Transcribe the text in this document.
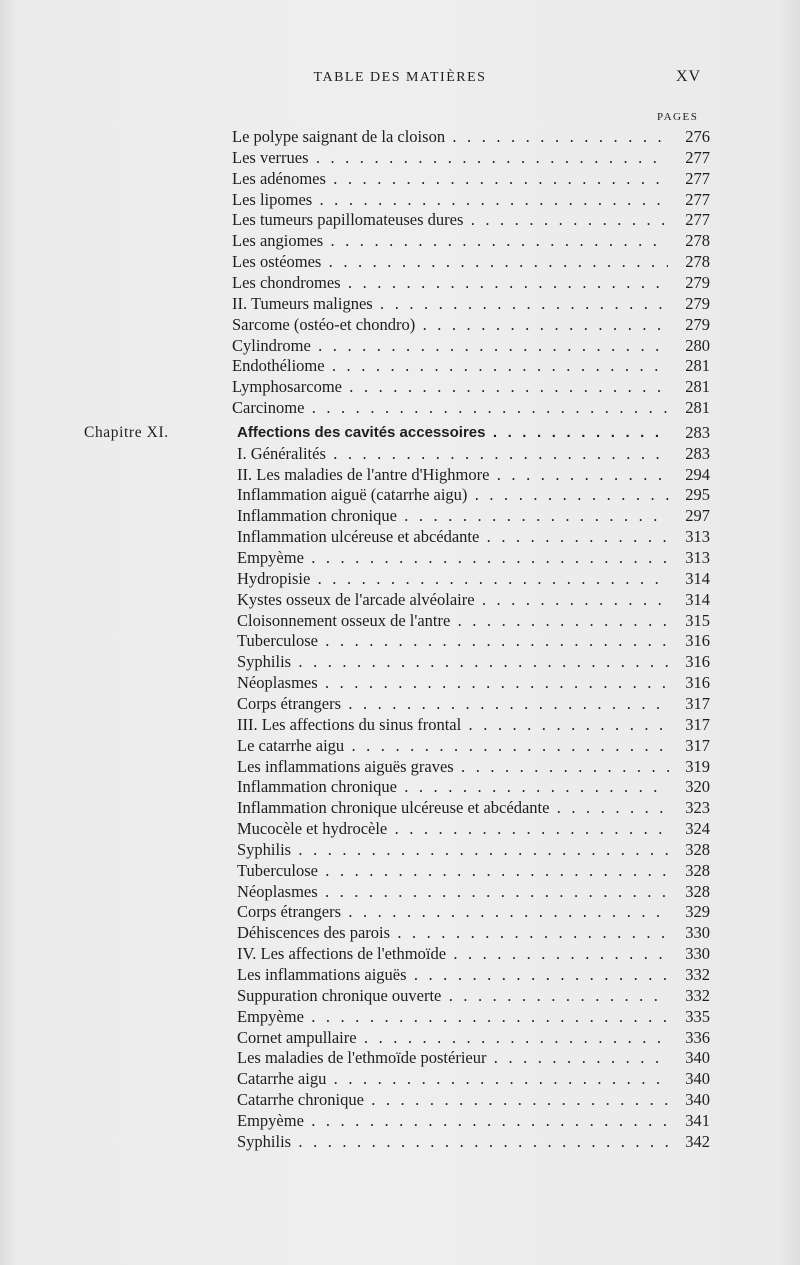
TABLE DES MATIÈRES	XV
PAGES
Le polype saignant de la cloison . . .	276
Les verrues . . .	277
Les adénomes . . .	277
Les lipomes . . .	277
Les tumeurs papillomateuses dures . . .	277
Les angiomes . . .	278
Les ostéomes . . .	278
Les chondromes . . .	279
II. Tumeurs malignes . . .	279
Sarcome (ostéo-et chondro) . . .	279
Cylindrome . . .	280
Endothéliome . . .	281
Lymphosarcome . . .	281
Carcinome . . .	281
Chapitre XI.	Affections des cavités accessoires . . .	283
I. Généralités . . .	283
II. Les maladies de l'antre d'Highmore . . .	294
Inflammation aiguë (catarrhe aigu) . . .	295
Inflammation chronique . . .	297
Inflammation ulcéreuse et abcédante . . .	313
Empyème . . .	313
Hydropisie . . .	314
Kystes osseux de l'arcade alvéolaire . . .	314
Cloisonnement osseux de l'antre . . .	315
Tuberculose . . .	316
Syphilis . . .	316
Néoplasmes . . .	316
Corps étrangers . . .	317
III. Les affections du sinus frontal . . .	317
Le catarrhe aigu . . .	317
Les inflammations aiguës graves . . .	319
Inflammation chronique . . .	320
Inflammation chronique ulcéreuse et abcédante . . .	323
Mucocèle et hydrocèle . . .	324
Syphilis . . .	328
Tuberculose . . .	328
Néoplasmes . . .	328
Corps étrangers . . .	329
Déhiscences des parois . . .	330
IV. Les affections de l'ethmoïde . . .	330
Les inflammations aiguës . . .	332
Suppuration chronique ouverte . . .	332
Empyème . . .	335
Cornet ampullaire . . .	336
Les maladies de l'ethmoïde postérieur . . .	340
Catarrhe aigu . . .	340
Catarrhe chronique . . .	340
Empyème . . .	341
Syphilis . . .	342
